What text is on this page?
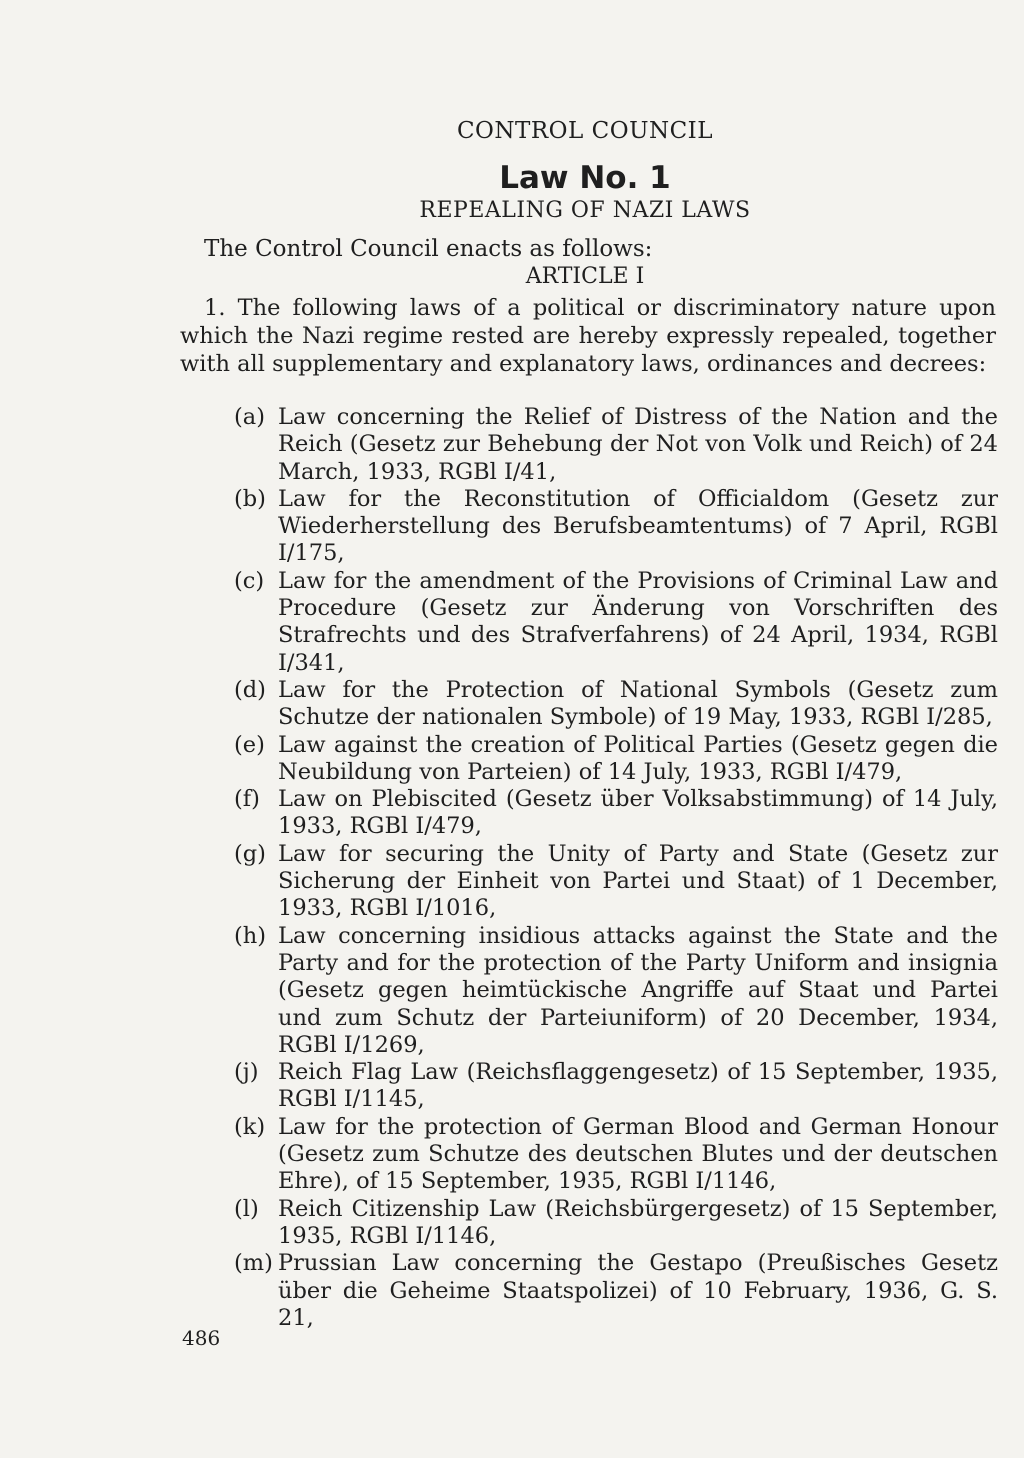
CONTROL COUNCIL
Law No. 1
REPEALING OF NAZI LAWS
The Control Council enacts as follows:
ARTICLE I
1. The following laws of a political or discriminatory nature upon which the Nazi regime rested are hereby expressly repealed, together with all supplementary and explanatory laws, ordinances and decrees:
(a) Law concerning the Relief of Distress of the Nation and the Reich (Gesetz zur Behebung der Not von Volk und Reich) of 24 March, 1933, RGBl I/41,
(b) Law for the Reconstitution of Officialdom (Gesetz zur Wiederherstellung des Berufsbeamtentums) of 7 April, RGBl I/175,
(c) Law for the amendment of the Provisions of Criminal Law and Procedure (Gesetz zur Änderung von Vorschriften des Strafrechts und des Strafverfahrens) of 24 April, 1934, RGBl I/341,
(d) Law for the Protection of National Symbols (Gesetz zum Schutze der nationalen Symbole) of 19 May, 1933, RGBl I/285,
(e) Law against the creation of Political Parties (Gesetz gegen die Neubildung von Parteien) of 14 July, 1933, RGBl I/479,
(f) Law on Plebiscited (Gesetz über Volksabstimmung) of 14 July, 1933, RGBl I/479,
(g) Law for securing the Unity of Party and State (Gesetz zur Sicherung der Einheit von Partei und Staat) of 1 December, 1933, RGBl I/1016,
(h) Law concerning insidious attacks against the State and the Party and for the protection of the Party Uniform and insignia (Gesetz gegen heimtückische Angriffe auf Staat und Partei und zum Schutz der Parteiuniform) of 20 December, 1934, RGBl I/1269,
(j) Reich Flag Law (Reichsflaggengesetz) of 15 September, 1935, RGBl I/1145,
(k) Law for the protection of German Blood and German Honour (Gesetz zum Schutze des deutschen Blutes und der deutschen Ehre), of 15 September, 1935, RGBl I/1146,
(l) Reich Citizenship Law (Reichsbürgergesetz) of 15 September, 1935, RGBl I/1146,
(m) Prussian Law concerning the Gestapo (Preußisches Gesetz über die Geheime Staatspolizei) of 10 February, 1936, G. S. 21,
486
